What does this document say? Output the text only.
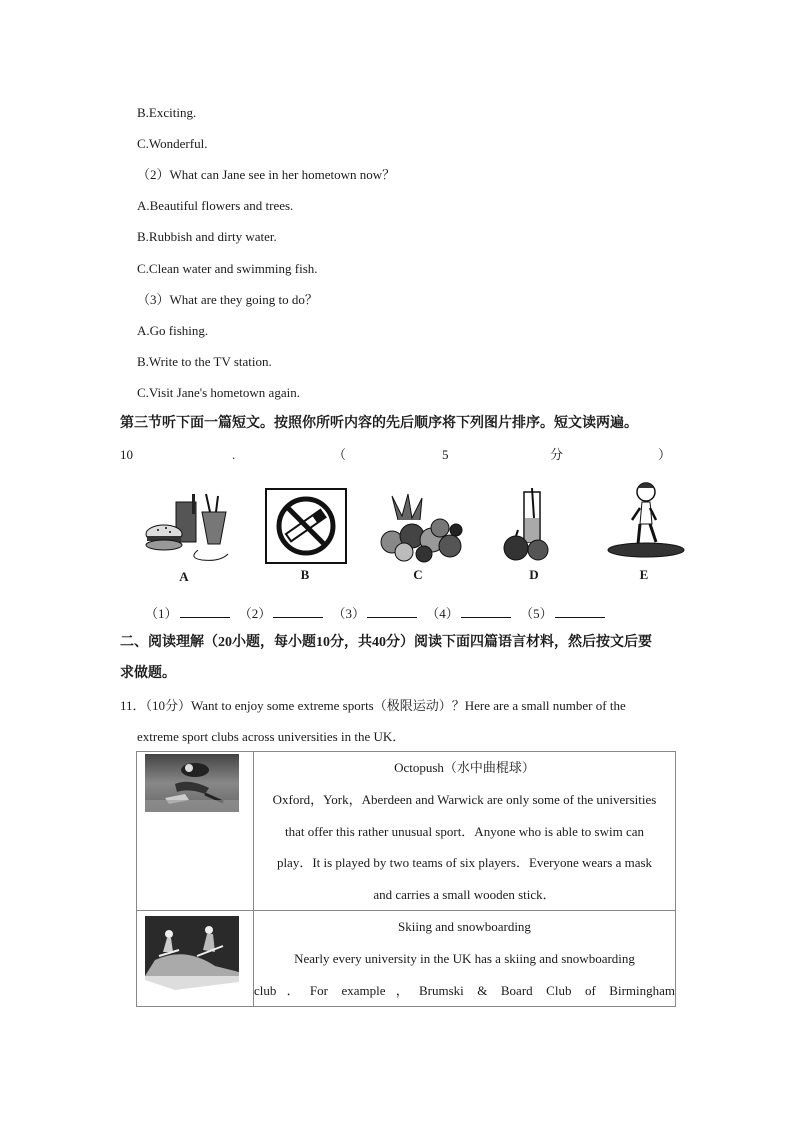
B.Exciting.
C.Wonderful.
（2）What can Jane see in her hometown now？
A.Beautiful flowers and trees.
B.Rubbish and dirty water.
C.Clean water and swimming fish.
（3）What are they going to do？
A.Go fishing.
B.Write to the TV station.
C.Visit Jane's hometown again.
第三节听下面一篇短文。按照你所听内容的先后顺序将下列图片排序。短文读两遍。
10	.	（	5	分	）
A	B	C	D	E
（1）	（2）	（3）	（4）	（5）
二、阅读理解（20小题，每小题10分，共40分）阅读下面四篇语言材料，然后按文后要
求做题。
11．（10分）Want to enjoy some extreme sports（极限运动）？Here are a small number of the
extreme sport clubs across universities in the UK．

Octopush（水中曲棍球）
Oxford，York，Aberdeen and Warwick are only some of the universities
that offer this rather unusual sport．Anyone who is able to swim can
play．It is played by two teams of six players．Everyone wears a mask
and carries a small wooden stick．

Skiing and snowboarding
Nearly every university in the UK has a skiing and snowboarding
club．For example，Brumski & Board Club of Birmingham
